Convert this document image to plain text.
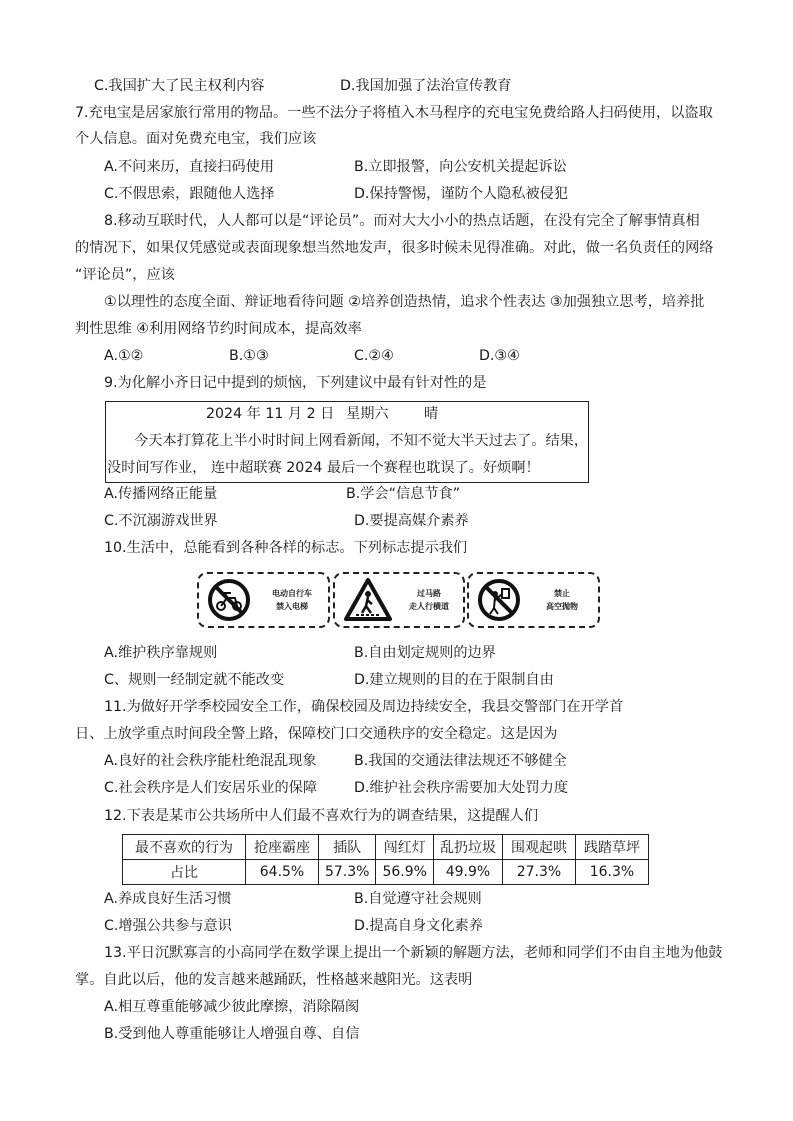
C.我国扩大了民主权利内容	D.我国加强了法治宣传教育
7.充电宝是居家旅行常用的物品。一些不法分子将植入木马程序的充电宝免费给路人扫码使用，以盗取
个人信息。面对免费充电宝，我们应该
A.不问来历，直接扫码使用	B.立即报警，向公安机关提起诉讼
C.不假思索，跟随他人选择	D.保持警惕，谨防个人隐私被侵犯
8.移动互联时代，人人都可以是“评论员”。而对大大小小的热点话题，在没有完全了解事情真相
的情况下，如果仅凭感觉或表面现象想当然地发声，很多时候未见得准确。对此，做一名负责任的网络
“评论员”，应该
①以理性的态度全面、辩证地看待问题 ②培养创造热情，追求个性表达 ③加强独立思考，培养批
判性思维 ④利用网络节约时间成本，提高效率
A.①②	B.①③	C.②④	D.③④
9.为化解小齐日记中提到的烦恼，下列建议中最有针对性的是
2024 年 11 月 2 日 星期六 晴
今天本打算花上半小时时间上网看新闻，不知不觉大半天过去了。结果，
没时间写作业， 连中超联赛 2024 最后一个赛程也耽误了。好烦啊！
A.传播网络正能量	B.学会“信息节食”
C.不沉溺游戏世界	D.要提高媒介素养
10.生活中，总能看到各种各样的标志。下列标志提示我们
电动自行车
禁入电梯
过马路
走人行横道
禁止
高空抛物
A.维护秩序靠规则	B.自由划定规则的边界
C、规则一经制定就不能改变	D.建立规则的目的在于限制自由
11.为做好开学季校园安全工作，确保校园及周边持续安全，我县交警部门在开学首
日、上放学重点时间段全警上路，保障校门口交通秩序的安全稳定。这是因为
A.良好的社会秩序能杜绝混乱现象	B.我国的交通法律法规还不够健全
C.社会秩序是人们安居乐业的保障	D.维护社会秩序需要加大处罚力度
12.下表是某市公共场所中人们最不喜欢行为的调查结果，这提醒人们
最不喜欢的行为	抢座霸座	插队	闯红灯	乱扔垃圾	围观起哄	践踏草坪
占比	64.5%	57.3%	56.9%	49.9%	27.3%	16.3%
A.养成良好生活习惯	B.自觉遵守社会规则
C.增强公共参与意识	D.提高自身文化素养
13.平日沉默寡言的小高同学在数学课上提出一个新颖的解题方法，老师和同学们不由自主地为他鼓
掌。自此以后，他的发言越来越踊跃，性格越来越阳光。这表明
A.相互尊重能够减少彼此摩擦，消除隔阂
B.受到他人尊重能够让人增强自尊、自信
